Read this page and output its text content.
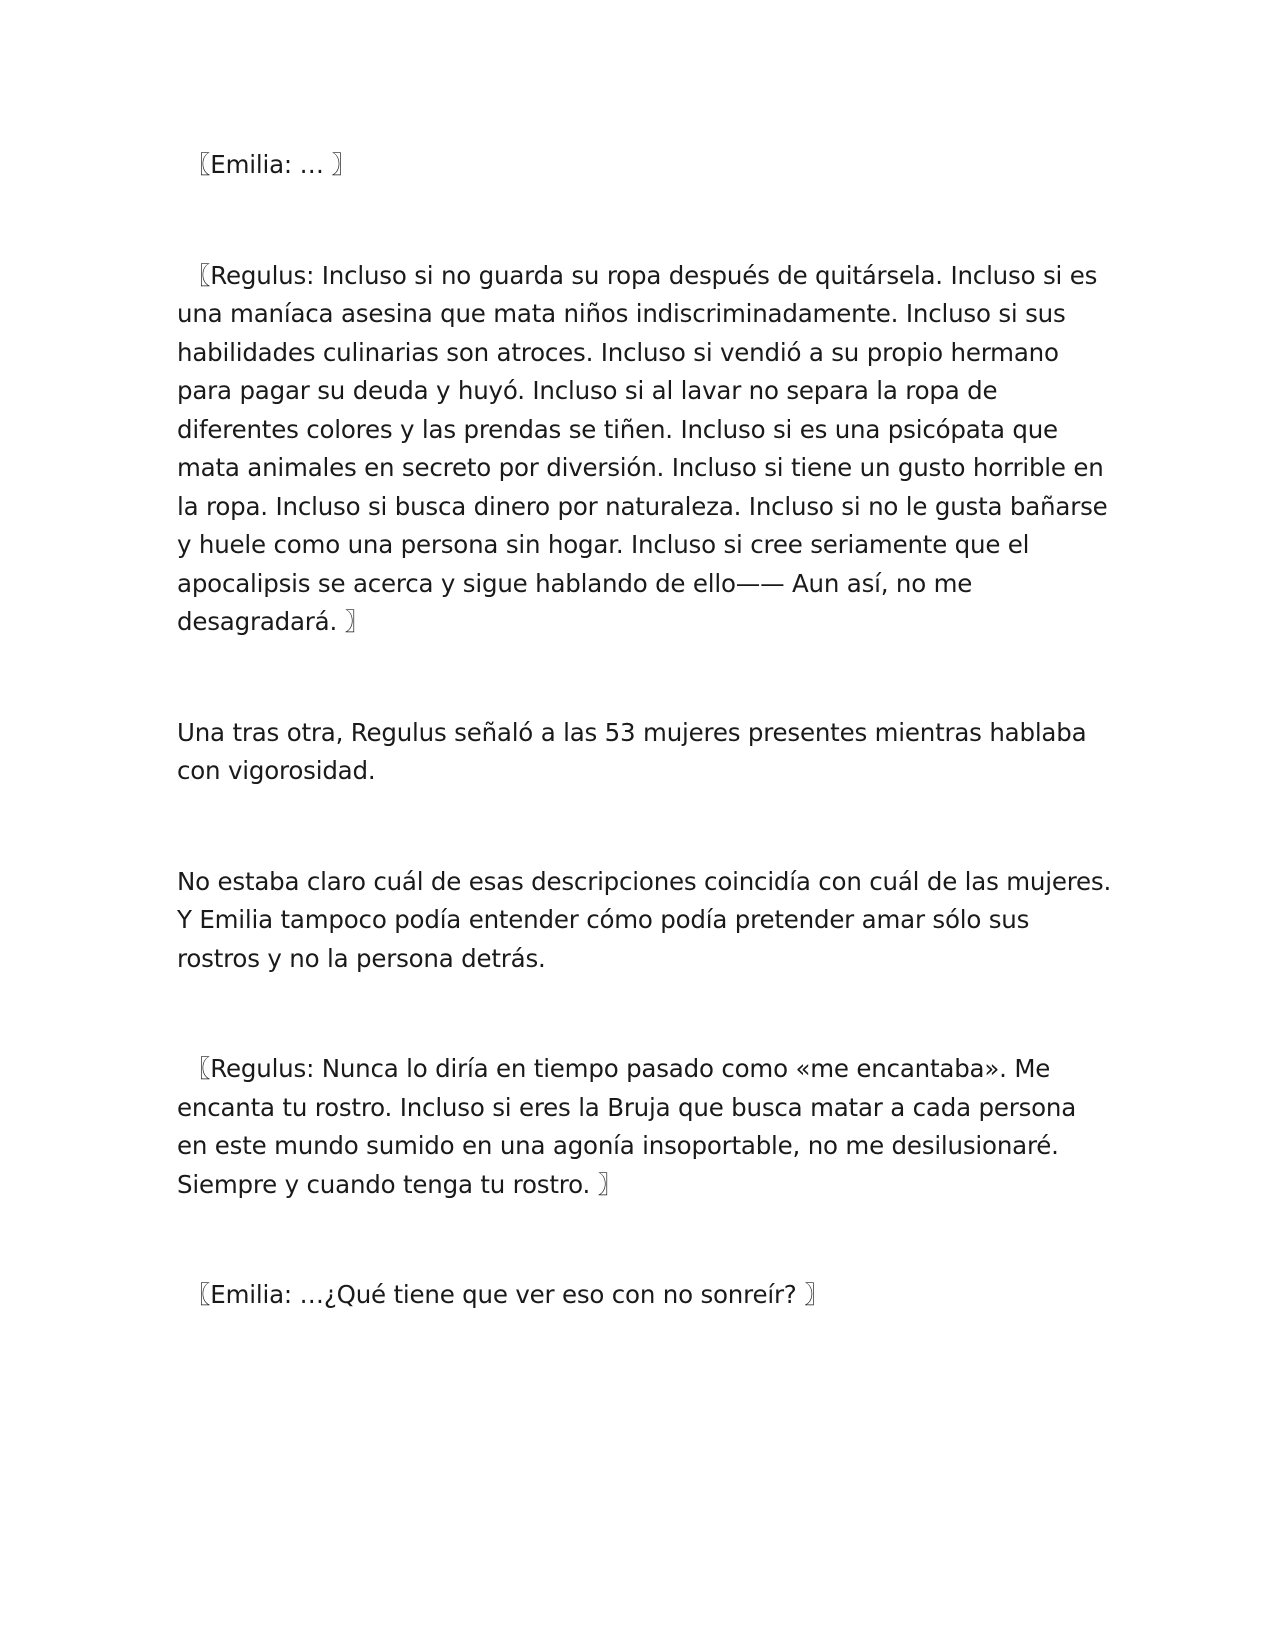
〖Emilia: … 〗

〖Regulus: Incluso si no guarda su ropa después de quitársela. Incluso si es una maníaca asesina que mata niños indiscriminadamente. Incluso si sus habilidades culinarias son atroces. Incluso si vendió a su propio hermano para pagar su deuda y huyó. Incluso si al lavar no separa la ropa de diferentes colores y las prendas se tiñen. Incluso si es una psicópata que mata animales en secreto por diversión. Incluso si tiene un gusto horrible en la ropa. Incluso si busca dinero por naturaleza. Incluso si no le gusta bañarse y huele como una persona sin hogar. Incluso si cree seriamente que el apocalipsis se acerca y sigue hablando de ello—— Aun así, no me desagradará. 〗

Una tras otra, Regulus señaló a las 53 mujeres presentes mientras hablaba con vigorosidad.

No estaba claro cuál de esas descripciones coincidía con cuál de las mujeres. Y Emilia tampoco podía entender cómo podía pretender amar sólo sus rostros y no la persona detrás.

〖Regulus: Nunca lo diría en tiempo pasado como «me encantaba». Me encanta tu rostro. Incluso si eres la Bruja que busca matar a cada persona en este mundo sumido en una agonía insoportable, no me desilusionaré. Siempre y cuando tenga tu rostro. 〗

〖Emilia: …¿Qué tiene que ver eso con no sonreír? 〗
